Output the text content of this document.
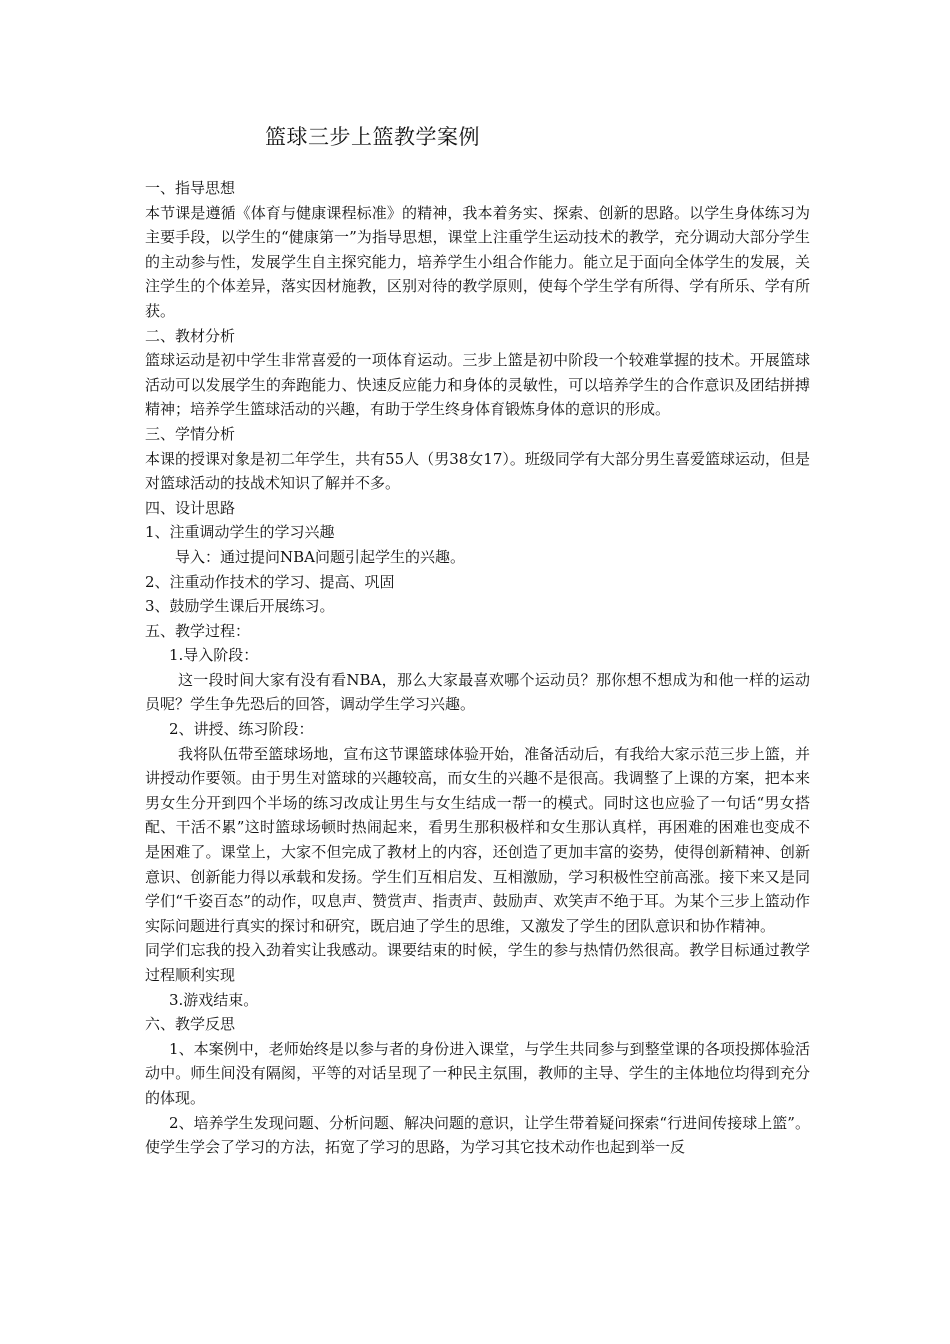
篮球三步上篮教学案例

一、指导思想

本节课是遵循《体育与健康课程标准》的精神，我本着务实、探索、创新的思路。以学生身体练习为主要手段，以学生的“健康第一”为指导思想，课堂上注重学生运动技术的教学，充分调动大部分学生的主动参与性，发展学生自主探究能力，培养学生小组合作能力。能立足于面向全体学生的发展，关注学生的个体差异，落实因材施教，区别对待的教学原则，使每个学生学有所得、学有所乐、学有所获。

二、教材分析

篮球运动是初中学生非常喜爱的一项体育运动。三步上篮是初中阶段一个较难掌握的技术。开展篮球活动可以发展学生的奔跑能力、快速反应能力和身体的灵敏性，可以培养学生的合作意识及团结拼搏精神；培养学生篮球活动的兴趣，有助于学生终身体育锻炼身体的意识的形成。

三、学情分析

本课的授课对象是初二年学生，共有55人（男38女17）。班级同学有大部分男生喜爱篮球运动，但是对篮球活动的技战术知识了解并不多。

四、设计思路

1、注重调动学生的学习兴趣

导入：通过提问NBA问题引起学生的兴趣。

2、注重动作技术的学习、提高、巩固

3、鼓励学生课后开展练习。

五、教学过程：

1.导入阶段：

这一段时间大家有没有看NBA，那么大家最喜欢哪个运动员？那你想不想成为和他一样的运动员呢？学生争先恐后的回答，调动学生学习兴趣。

2、讲授、练习阶段：

我将队伍带至篮球场地，宣布这节课篮球体验开始，准备活动后，有我给大家示范三步上篮，并讲授动作要领。由于男生对篮球的兴趣较高，而女生的兴趣不是很高。我调整了上课的方案，把本来男女生分开到四个半场的练习改成让男生与女生结成一帮一的模式。同时这也应验了一句话“男女搭配、干活不累”这时篮球场顿时热闹起来，看男生那积极样和女生那认真样，再困难的困难也变成不是困难了。课堂上，大家不但完成了教材上的内容，还创造了更加丰富的姿势，使得创新精神、创新意识、创新能力得以承载和发扬。学生们互相启发、互相激励，学习积极性空前高涨。接下来又是同学们“千姿百态”的动作，叹息声、赞赏声、指责声、鼓励声、欢笑声不绝于耳。为某个三步上篮动作实际问题进行真实的探讨和研究，既启迪了学生的思维，又激发了学生的团队意识和协作精神。

同学们忘我的投入劲着实让我感动。课要结束的时候，学生的参与热情仍然很高。教学目标通过教学过程顺利实现

3.游戏结束。

六、教学反思

1、本案例中，老师始终是以参与者的身份进入课堂，与学生共同参与到整堂课的各项投掷体验活动中。师生间没有隔阂，平等的对话呈现了一种民主氛围，教师的主导、学生的主体地位均得到充分的体现。

2、培养学生发现问题、分析问题、解决问题的意识，让学生带着疑问探索“行进间传接球上篮”。使学生学会了学习的方法，拓宽了学习的思路，为学习其它技术动作也起到举一反
